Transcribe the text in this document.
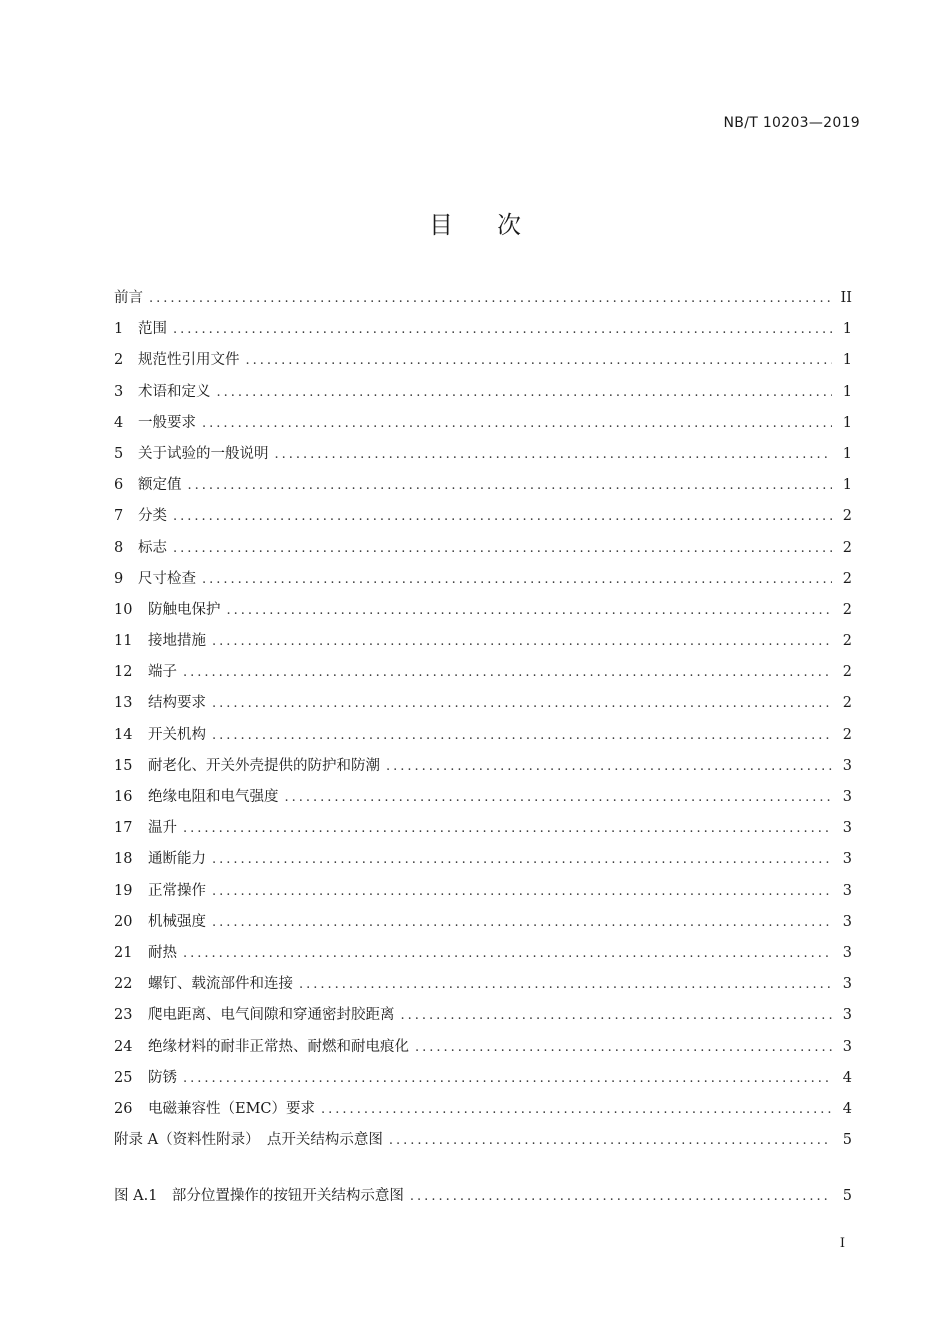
NB/T 10203—2019
目次
前言 .....	II
1	范围 .....	1
2	规范性引用文件 .....	1
3	术语和定义 .....	1
4	一般要求 .....	1
5	关于试验的一般说明 .....	1
6	额定值 .....	1
7	分类 .....	2
8	标志 .....	2
9	尺寸检查 .....	2
10	防触电保护 .....	2
11	接地措施 .....	2
12	端子 .....	2
13	结构要求 .....	2
14	开关机构 .....	2
15	耐老化、开关外壳提供的防护和防潮 .....	3
16	绝缘电阻和电气强度 .....	3
17	温升 .....	3
18	通断能力 .....	3
19	正常操作 .....	3
20	机械强度 .....	3
21	耐热 .....	3
22	螺钉、载流部件和连接 .....	3
23	爬电距离、电气间隙和穿通密封胶距离 .....	3
24	绝缘材料的耐非正常热、耐燃和耐电痕化 .....	3
25	防锈 .....	4
26	电磁兼容性（EMC）要求 .....	4
附录 A（资料性附录）　点开关结构示意图 .....	5
图 A.1　部分位置操作的按钮开关结构示意图 .....	5
I
